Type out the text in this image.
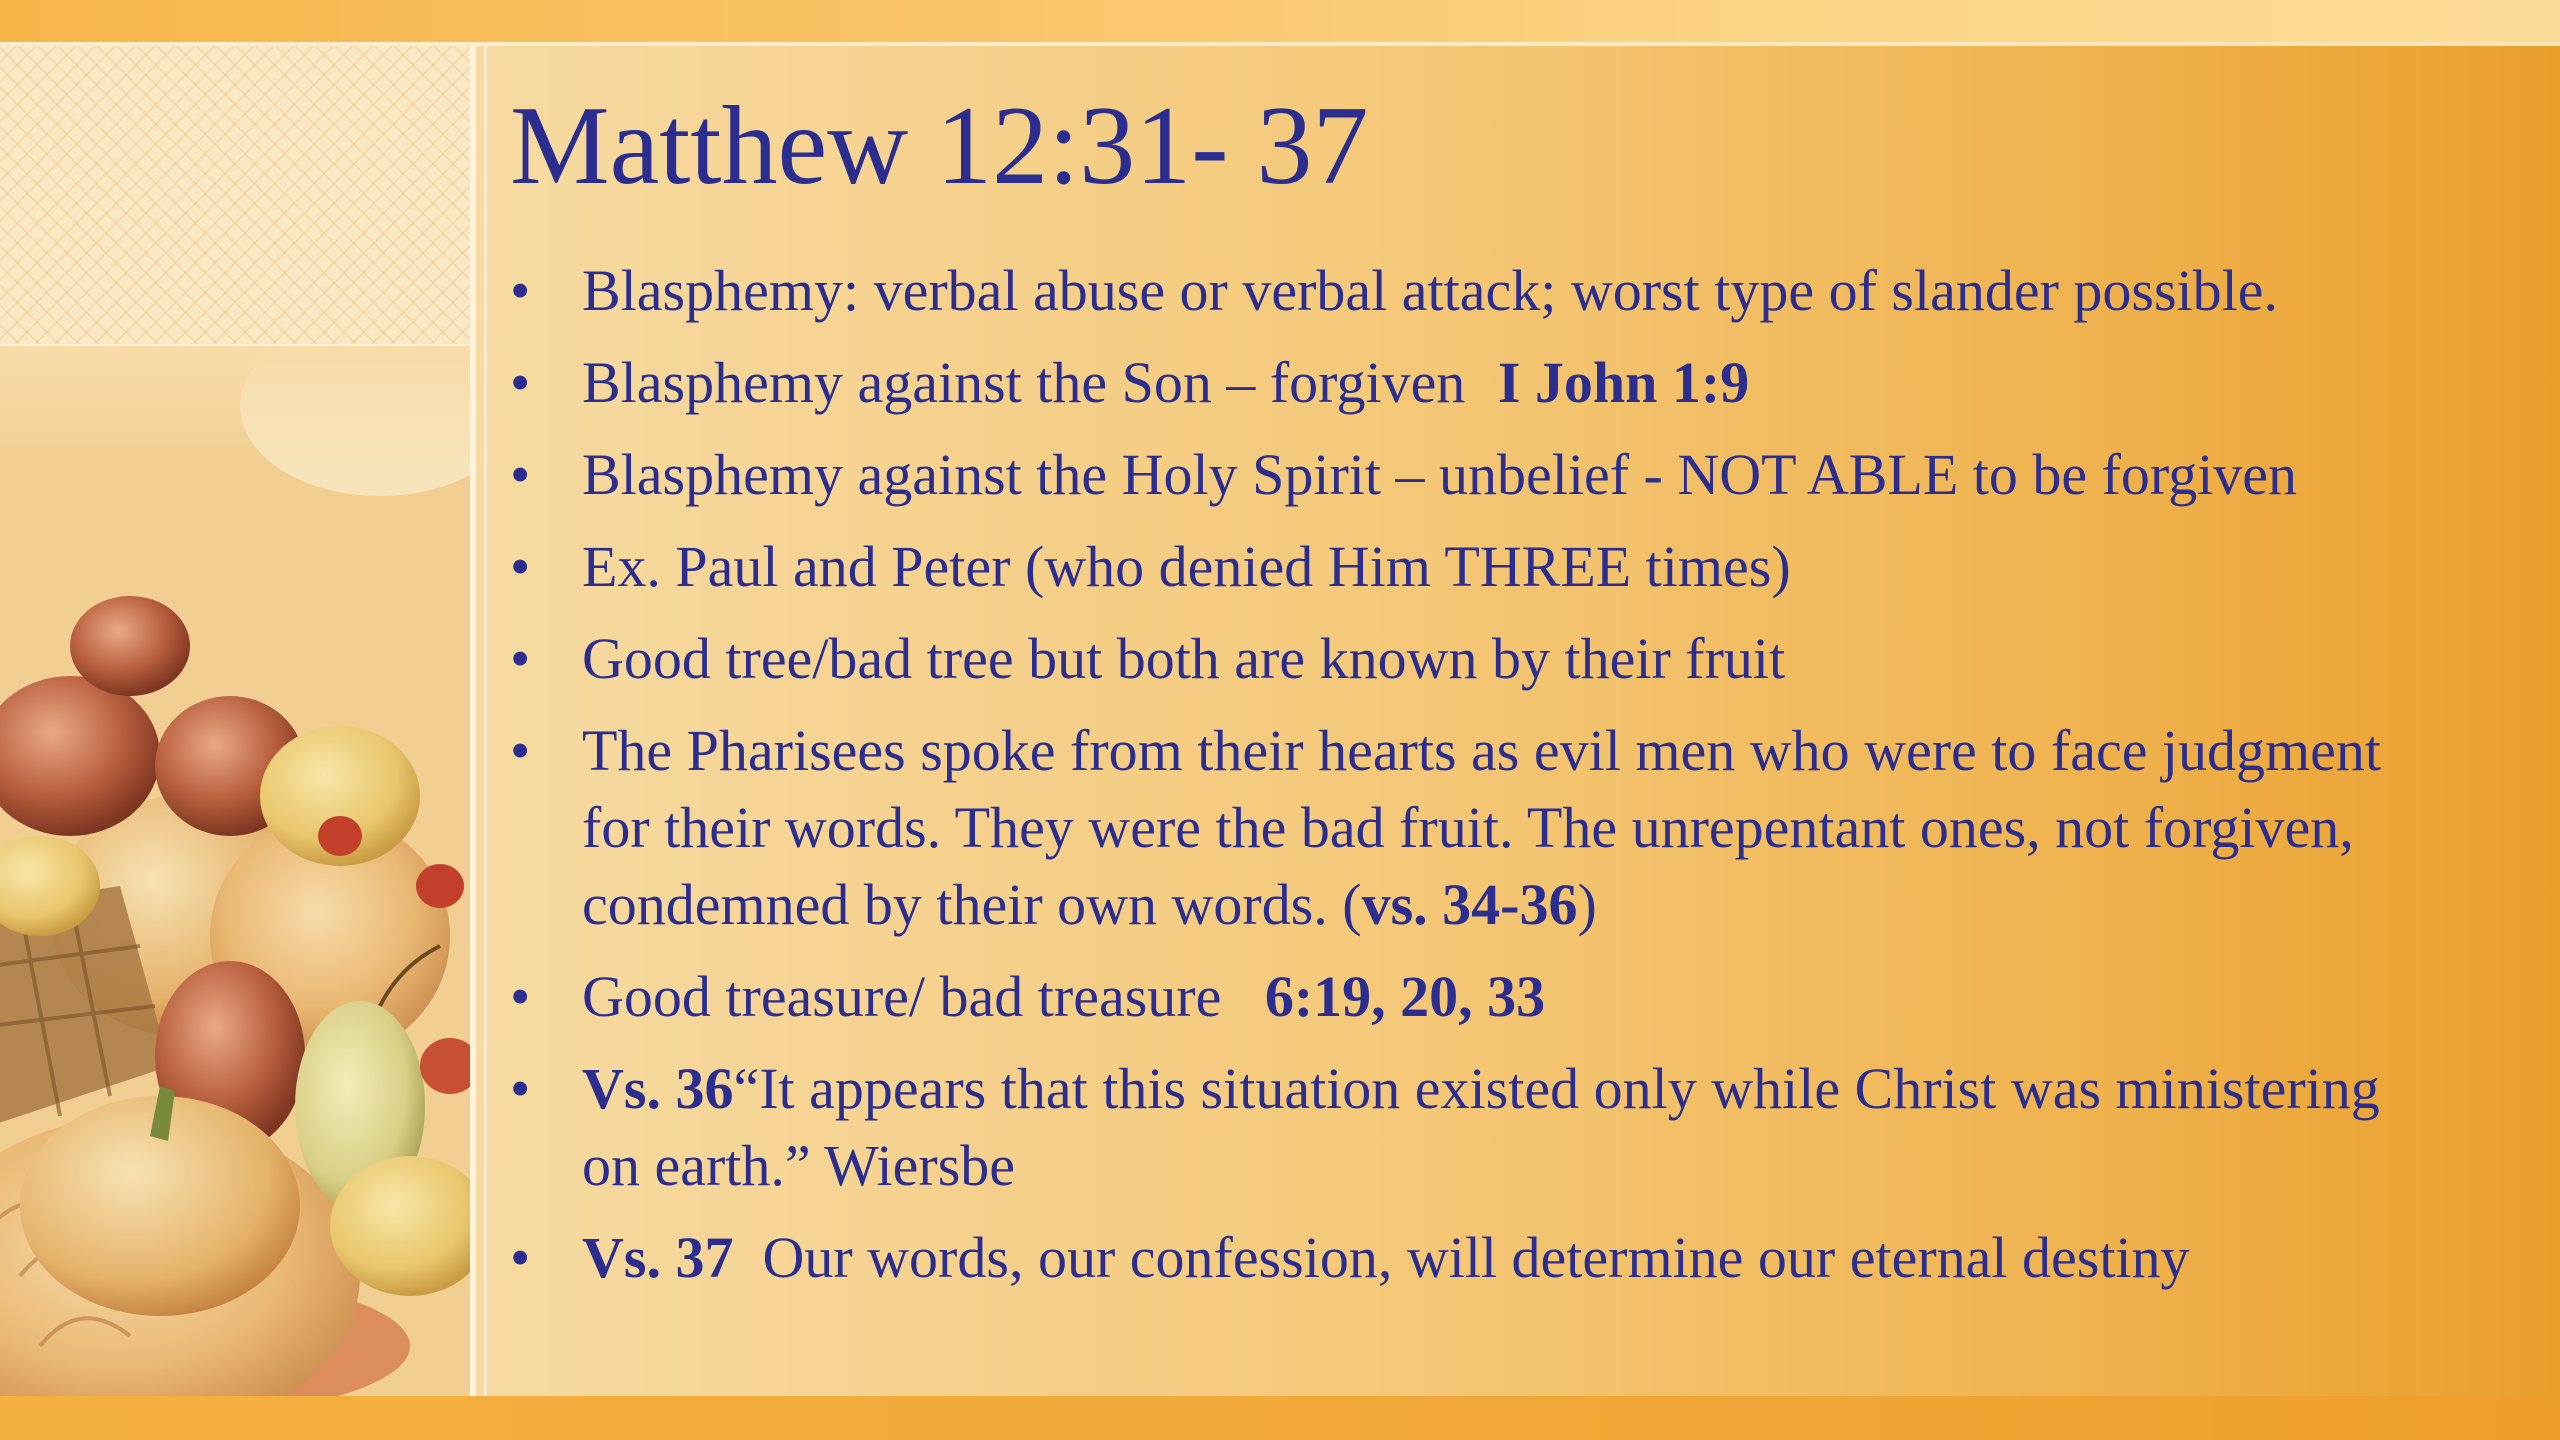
Matthew 12:31- 37
• Blasphemy: verbal abuse or verbal attack; worst type of slander possible.
• Blasphemy against the Son – forgiven I John 1:9
• Blasphemy against the Holy Spirit – unbelief - NOT ABLE to be forgiven
• Ex. Paul and Peter (who denied Him THREE times)
• Good tree/bad tree but both are known by their fruit
• The Pharisees spoke from their hearts as evil men who were to face judgment for their words. They were the bad fruit. The unrepentant ones, not forgiven, condemned by their own words. (vs. 34-36)
• Good treasure/ bad treasure   6:19, 20, 33
• Vs. 36“It appears that this situation existed only while Christ was ministering on earth.” Wiersbe
• Vs. 37  Our words, our confession, will determine our eternal destiny
